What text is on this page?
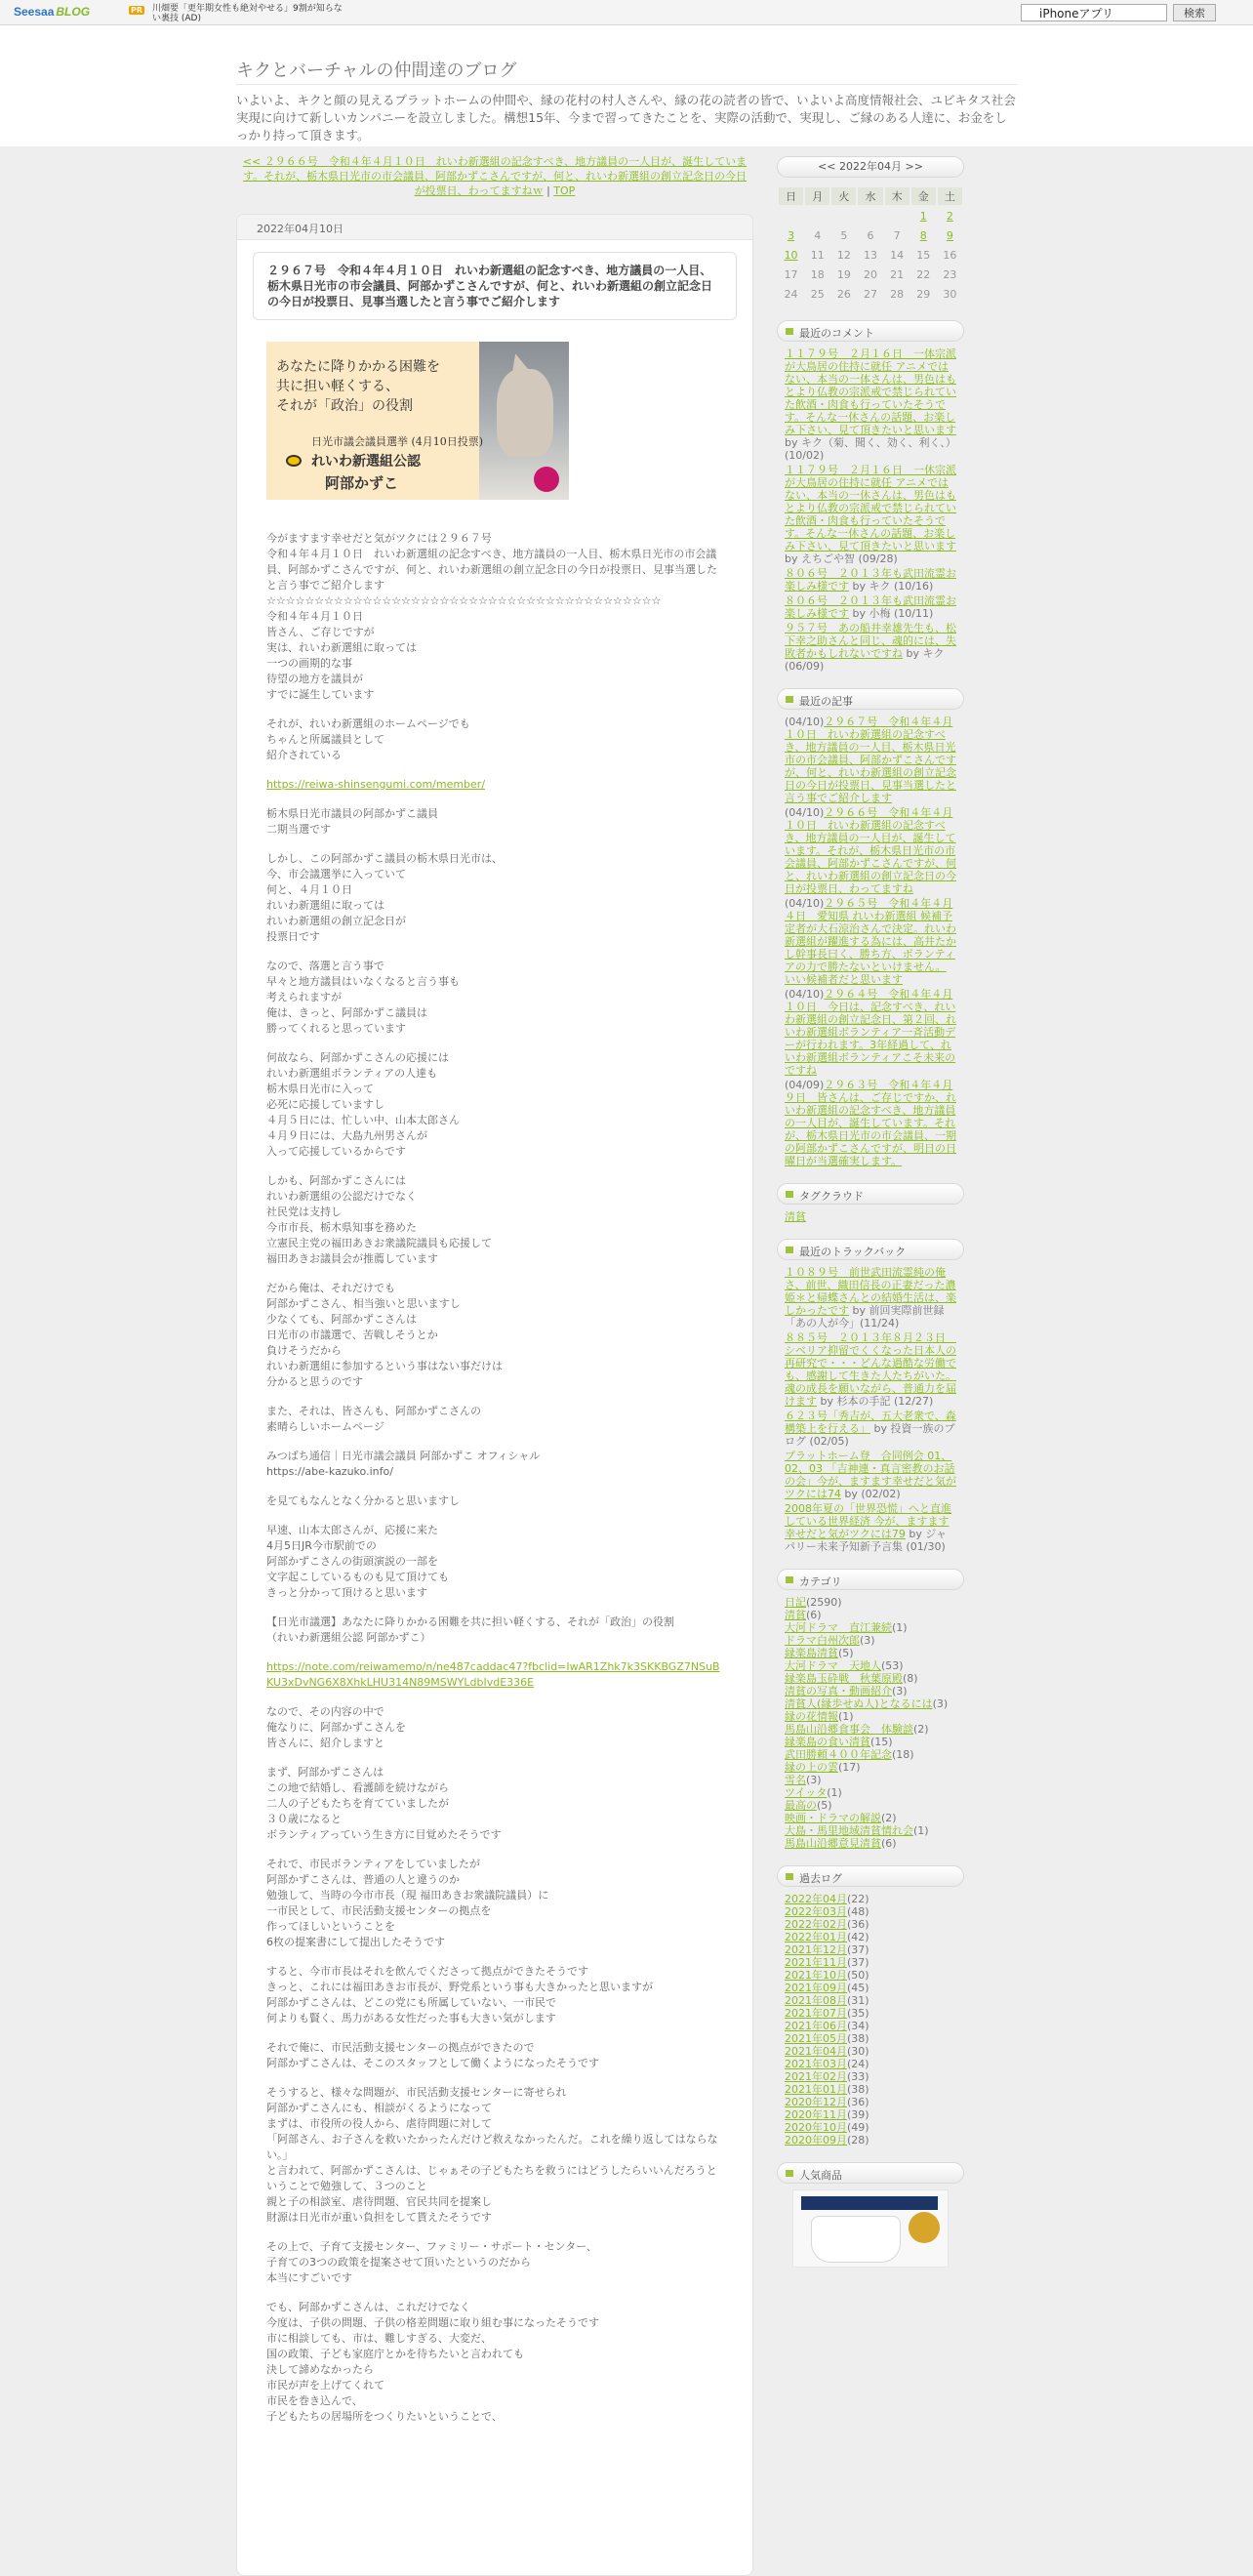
Seesaa BLOG	PR 川畑要「更年期女性も絶対やせる」9割が知らない裏技 (AD)
iPhoneアプリ	検索
キクとバーチャルの仲間達のブログ

いよいよ、キクと顔の見えるプラットホームの仲間や、縁の花村の村人さんや、縁の花の読者の皆で、いよいよ高度情報社会、ユビキタス社会実現に向けて新しいカンパニーを設立しました。構想15年、今まで習ってきたことを、実際の活動で、実現し、ご縁のある人達に、お金をしっかり持って頂きます。

<< ２９６６号　令和４年４月１０日　れいわ新選組の記念すべき、地方議員の一人目が、誕生しています。それが、栃木県日光市の市会議員、阿部かずこさんですが、何と、れいわ新選組の創立記念日の今日が投票日、わってますねｗ | TOP
2022年04月10日
２９６７号　令和４年４月１０日　れいわ新選組の記念すべき、地方議員の一人目、栃木県日光市の市会議員、阿部かずこさんですが、何と、れいわ新選組の創立記念日の今日が投票日、見事当選したと言う事でご紹介します
あなたに降りかかる困難を
共に担い軽くする、
それが「政治」の役割
日光市議会議員選挙 (4月10日投票)
れいわ新選組公認
阿部かずこ

今がますます幸せだと気がツクには２９６７号
令和４年４月１０日　れいわ新選組の記念すべき、地方議員の一人目、栃木県日光市の市会議員、阿部かずこさんですが、何と、れいわ新選組の創立記念日の今日が投票日、見事当選したと言う事でご紹介します
☆☆☆☆☆☆☆☆☆☆☆☆☆☆☆☆☆☆☆☆☆☆☆☆☆☆☆☆☆☆☆☆☆☆☆☆☆☆☆☆☆
令和４年４月１０日
皆さん、ご存じですが
実は、れいわ新選組に取っては
一つの画期的な事
待望の地方を議員が
すでに誕生しています

それが、れいわ新選組のホームページでも
ちゃんと所属議員として
紹介されている

https://reiwa-shinsengumi.com/member/

栃木県日光市議員の阿部かずこ議員
二期当選です

しかし、この阿部かずこ議員の栃木県日光市は、
今、市会議選挙に入っていて
何と、４月１０日
れいわ新選組に取っては
れいわ新選組の創立記念日が
投票日です

なので、落選と言う事で
早々と地方議員はいなくなると言う事も
考えられますが
俺は、きっと、阿部かずこ議員は
勝ってくれると思っています

何故なら、阿部かずこさんの応援には
れいわ新選組ボランティアの人達も
栃木県日光市に入って
必死に応援していますし
４月５日には、忙しい中、山本太郎さん
４月９日には、大島九州男さんが
入って応援しているからです

しかも、阿部かずこさんには
れいわ新選組の公認だけでなく
社民党は支持し
今市市長、栃木県知事を務めた
立憲民主党の福田あきお衆議院議員も応援して
福田あきお議員会が推薦しています

だから俺は、それだけでも
阿部かずこさん、相当強いと思いますし
少なくても、阿部かずこさんは
日光市の市議選で、苦戦しそうとか
負けそうだから
れいわ新選組に参加するという事はない事だけは
分かると思うのです

また、それは、皆さんも、阿部かずこさんの
素晴らしいホームページ

みつばち通信｜日光市議会議員 阿部かずこ オフィシャル
https://abe-kazuko.info/

を見てもなんとなく分かると思いますし

早速、山本太郎さんが、応援に来た
4月5日JR今市駅前での
阿部かずこさんの街頭演説の一部を
文字起こしているものも見て頂けても
きっと分かって頂けると思います

【日光市議選】あなたに降りかかる困難を共に担い軽くする、それが「政治」の役割
（れいわ新選組公認 阿部かずこ）

https://note.com/reiwamemo/n/ne487caddac47?fbclid=IwAR1Zhk7k3SKKBGZ7NSuBKU3xDvNG6X8XhkLHU314N89MSWYLdbIvdE336E

なので、その内容の中で
俺なりに、阿部かずこさんを
皆さんに、紹介しますと

まず、阿部かずこさんは
この地で結婚し、看護師を続けながら
二人の子どもたちを育てていましたが
３０歳になると
ボランティアっていう生き方に目覚めたそうです

それで、市民ボランティアをしていましたが
阿部かずこさんは、普通の人と違うのか
勉強して、当時の今市市長（現 福田あきお衆議院議員）に
一市民として、市民活動支援センターの拠点を
作ってほしいということを
6枚の提案書にして提出したそうです

すると、今市市長はそれを飲んでくださって拠点ができたそうです
きっと、これには福田あきお市長が、野党系という事も大きかったと思いますが
阿部かずこさんは、どこの党にも所属していない、一市民で
何よりも賢く、馬力がある女性だった事も大きい気がします

それで俺に、市民活動支援センターの拠点ができたので
阿部かずこさんは、そこのスタッフとして働くようになったそうです

そうすると、様々な問題が、市民活動支援センターに寄せられ
阿部かずこさんにも、相談がくるようになって
まずは、市役所の役人から、虐待問題に対して
「阿部さん、お子さんを救いたかったんだけど救えなかったんだ。これを繰り返してはならない。」
と言われて、阿部かずこさんは、じゃぁその子どもたちを救うにはどうしたらいいんだろうということで勉強して、３つのこと
親と子の相談室、虐待問題、官民共同を提案し
財源は日光市が重い負担をして貰えたそうです

その上で、子育て支援センター、ファミリー・サポート・センター、
子育ての3つの政策を提案させて頂いたというのだから
本当にすごいです

でも、阿部かずこさんは、これだけでなく
今度は、子供の問題、子供の格差問題に取り組む事になったそうです
市に相談しても、市は、難しすぎる、大変だ、
国の政策、子ども家庭庁とかを待ちたいと言われても
決して諦めなかったら
市民が声を上げてくれて
市民を巻き込んで、
子どもたちの居場所をつくりたいということで、

<< 2022年04月 >>
日	月	火	水	木	金	土
					1	2
3	4	5	6	7	8	9
10	11	12	13	14	15	16
17	18	19	20	21	22	23
24	25	26	27	28	29	30
最近のコメント
１１７９号　２月１６日　一体宗派が大鳥居の住持に就任 アニメではない、本当の一体さんは、男色はもとより仏教の宗派戒で禁じられていた飲酒・肉食も行っていたそうです。そんな一休さんの話題、お楽しみ下さい、見て頂きたいと思います by キク（菊、聞く、効く、利く、）(10/02)
１１７９号　２月１６日　一休宗派が大鳥居の住持に就任 アニメではない、本当の一休さんは、男色はもとより仏教の宗派戒で禁じられていた飲酒・肉食も行っていたそうです。そんな一休さんの話題、お楽しみ下さい、見て頂きたいと思います by えちごや智 (09/28)
８０６号　２０１３年も武田流霊お楽しみ様です by キク (10/16)
８０６号　２０１３年も武田流霊お楽しみ様です by 小梅 (10/11)
９５７号　あの船井幸雄先生も、松下幸之助さんと同じ、魂的には、失敗者かもしれないですね by キク (06/09)
最近の記事
(04/10)２９６７号　令和４年４月１０日　れいわ新選組の記念すべき、地方議員の一人目、栃木県日光市の市会議員、阿部かずこさんですが、何と、れいわ新選組の創立記念日の今日が投票日、見事当選したと言う事でご紹介します
(04/10)２９６６号　令和４年４月１０日　れいわ新選組の記念すべき、地方議員の一人目が、誕生しています。それが、栃木県日光市の市会議員、阿部かずこさんですが、何と、れいわ新選組の創立記念日の今日が投票日、わってますね
(04/10)２９６５号　令和４年４月４日　愛知県 れいわ新選組 候補予定者が大石涼治さんで決定。れいわ新選組が躍進する為には、高井たかし幹事長曰く、勝ち方、ボランティアの力で勝たないといけません。いい候補者だと思います
(04/10)２９６４号　令和４年４月１０日　今日は、記念すべき、れいわ新選組の創立記念日、第２回、れいわ新選組ボランティア一斉活動デーが行われます。3年経過して、れいわ新選組ボランティアこそ未来のですね
(04/09)２９６３号　令和４年４月９日　皆さんは、ご存じですか、れいわ新選組の記念すべき、地方議員の一人目が、誕生しています。それが、栃木県日光市の市会議員、一期の阿部かずこさんですが、明日の日曜日が当選確実します。
タグクラウド
清貧
最近のトラックバック
１０８９号　前世武田流霊純の俺さ、前世、織田信長の正妻だった濃姫＊と帰蝶さんとの結婚生活は、楽しかったです by 前回実際前世録「あの人が今」(11/24)
８８５号　２０１３年８月２３日　シベリア抑留でくくなった日本人の再研究で・・・どんな過酷な労働でも、感謝して生きた人たちがいた。魂の成長を願いながら、普通力を届けます by 杉本の手記 (12/27)
６２３号「秀吉が、五大老衆で、森構築上を行える」 by 投資一族のブログ (02/05)
プラットホーム登　合同例会 01、02、03 「吉神連・真言密教のお話の会」今が、ますます幸せだと気がツクには74 by (02/02)
2008年夏の「世界恐慌」へと直進している世界経済 今が、ますます幸せだと気がツクには79 by ジャパリー未来予知新予言集 (01/30)
カテゴリ
日記(2590)
清貧(6)
大河ドラマ　直江兼続(1)
ドラマ白州次郎(3)
縁楽島清貧(5)
大河ドラマ　天地人(53)
縁楽島玉砕戦　秋葉原殿(8)
清貧の写真・動画紹介(3)
清貧人(縁歩せぬ人)となるには(3)
縁の花情報(1)
馬島山沿郷食事会　体験談(2)
縁楽島の食い清貧(15)
武田勝頼４００年記念(18)
縁の上の雲(17)
雪名(3)
ツイッタ(1)
最高の(5)
映画・ドラマの解説(2)
大島・馬里地域清貧情れ会(1)
馬島山沿郷意見清貧(6)
過去ログ
2022年04月(22)
2022年03月(48)
2022年02月(36)
2022年01月(42)
2021年12月(37)
2021年11月(37)
2021年10月(50)
2021年09月(45)
2021年08月(31)
2021年07月(35)
2021年06月(34)
2021年05月(38)
2021年04月(30)
2021年03月(24)
2021年02月(33)
2021年01月(38)
2020年12月(36)
2020年11月(39)
2020年10月(49)
2020年09月(28)
人気商品
